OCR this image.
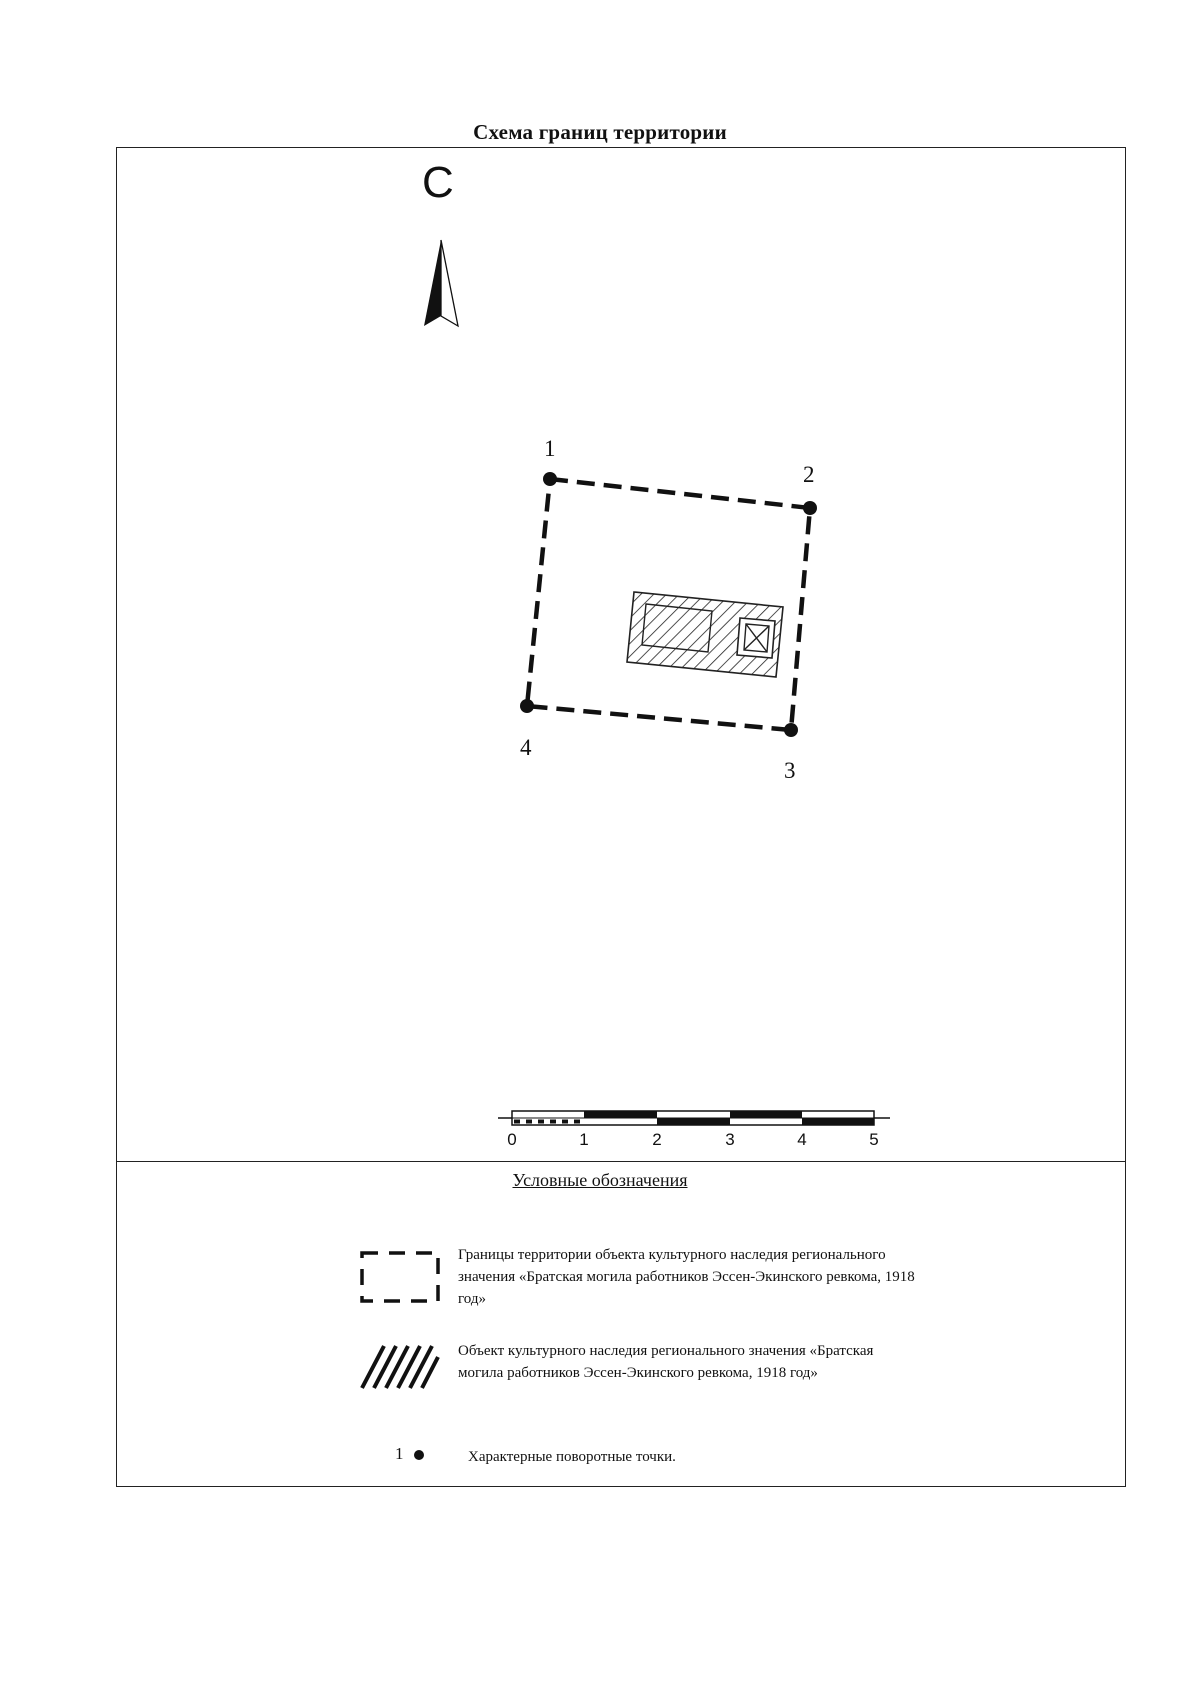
Схема границ территории
С
1
2
3
4
0	1	2	3	4	5
Условные обозначения
Границы территории объекта культурного наследия регионального значения «Братская могила работников Эссен-Экинского ревкома, 1918 год»
Объект культурного наследия регионального значения «Братская могила работников Эссен-Экинского ревкома, 1918 год»
1	Характерные поворотные точки.
